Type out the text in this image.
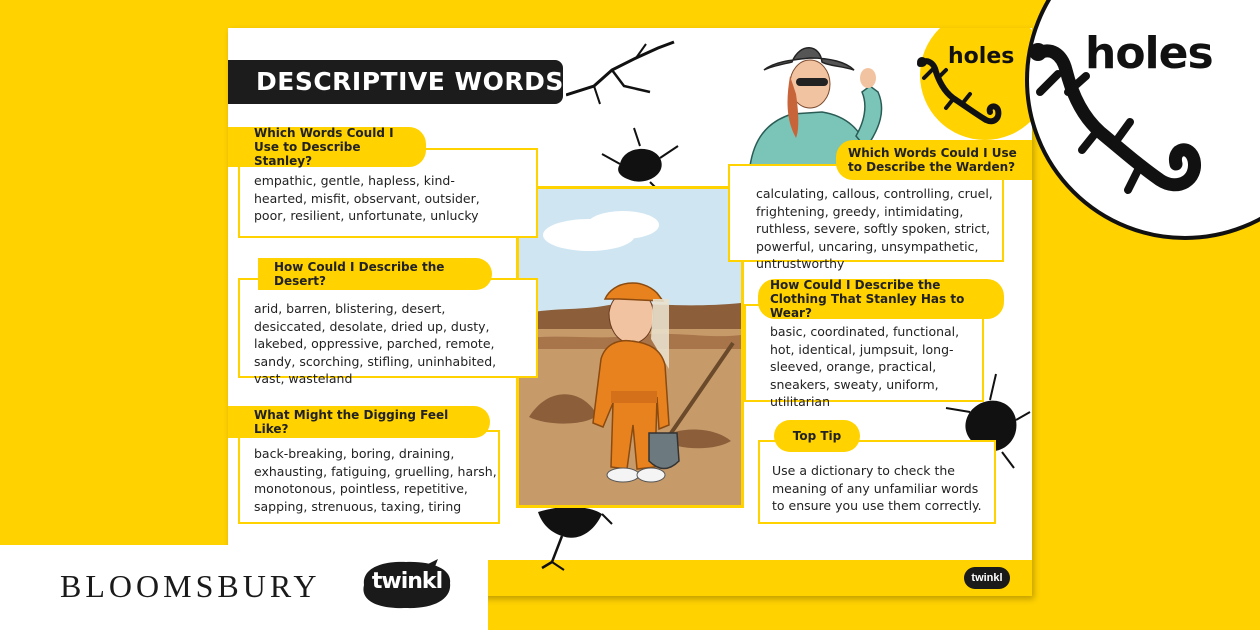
twinkl
DESCRIPTIVE WORDS
holes
Which Words Could I Use to Describe Stanley?
empathic, gentle, hapless, kind-hearted, misfit, observant, outsider, poor, resilient, unfortunate, unlucky
How Could I Describe the Desert?
arid, barren, blistering, desert, desiccated, desolate, dried up, dusty, lakebed, oppressive, parched, remote, sandy, scorching, stifling, uninhabited, vast, wasteland
What Might the Digging Feel Like?
back-breaking, boring, draining, exhausting, fatiguing, gruelling, harsh, monotonous, pointless, repetitive, sapping, strenuous, taxing, tiring
Which Words Could I Use to Describe the Warden?
calculating, callous, controlling, cruel, frightening, greedy, intimidating, ruthless, severe, softly spoken, strict, powerful, uncaring, unsympathetic, untrustworthy
How Could I Describe the Clothing That Stanley Has to Wear?
basic, coordinated, functional, hot, identical, jumpsuit, long-sleeved, orange, practical, sneakers, sweaty, uniform, utilitarian
Top Tip
Use a dictionary to check the meaning of any unfamiliar words to ensure you use them correctly.
holes
BLOOMSBURY twinkl
